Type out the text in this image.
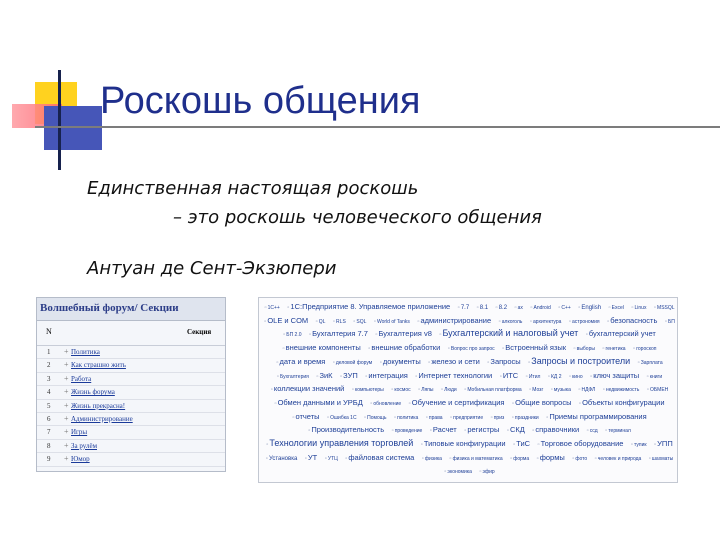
Роскошь общения
Единственная настоящая роскошь
– это роскошь человеческого общения
Антуан де Сент-Экзюпери
Волшебный форум/ Секции
N	Секция
1 + Политика
2 + Как страшно жить
3 + Работа
4 + Жизнь форума
5 + Жизнь прекрасна!
6 + Администрирование
7 + Игры
8 + За рулём
9 + Юмор
▫ 1С++ ▫ 1С:Предприятие 8. Управляемое приложение ▫ 7.7 ▫ 8.1 ▫ 8.2 ▫ ax ▫ Android ▫ C++ ▫ English ▫ Excel ▫ Linux ▫ MSSQL ▫ OLE и COM ▫ QL ▫ RLS ▫ SQL ▫ World of Tanks ▫ администрирование ▫ алкоголь ▫ архитектура ▫ астрономия ▫ безопасность ▫ БП ▫ БП 2.0 ▫ Бухгалтерия 7.7 ▫ Бухгалтерия v8 ▫ Бухгалтерский и налоговый учет ▫ бухгалтерский учет ▫ внешние компоненты ▫ внешние обработки ▫ Вопрос про запрос ▫ Встроенный язык ▫ выборы ▫ генетика ▫ гороскоп ▫ дата и время ▫ деловой форум ▫ документы ▫ железо и сети ▫ Запросы ▫ Запросы и построители ▫ Зарплата ▫ Бухгалтерия ▫ ЗиК ▫ ЗУП ▫ интеграция ▫ Интернет технологии ▫ ИТС ▫ Итил ▫ КД 2 ▫ кино ▫ ключ защиты ▫ книги ▫ коллекции значений ▫ компьютеры ▫ космос ▫ Ляпы ▫ Люди ▫ Мобильная платформа ▫ Мозг ▫ музыка ▫ НДФЛ ▫ недвижимость ▫ ОБМЕН ▫ Обмен данными и УРБД ▫ обновление ▫ Обучение и сертификация ▫ Общие вопросы ▫ Объекты конфигурации ▫ отчеты ▫ Ошибка 1С ▫ Помощь ▫ политика ▫ права ▫ предприятие ▫ приз ▫ праздники ▫ Приемы программирования ▫ Производительность ▫ проведение ▫ Расчет ▫ регистры ▫ СКД ▫ справочники ▫ ссд ▫ терминал ▫ Технологии управления торговлей ▫ Типовые конфигурации ▫ ТиС ▫ Торговое оборудование ▫ тупик ▫ УПП ▫ Установка ▫ УТ ▫ УТЦ ▫ файловая система ▫ физика ▫ физика и математика ▫ форма ▫ формы ▫ фото ▫ человек и природа ▫ шахматы ▫ экономика ▫ эфир
